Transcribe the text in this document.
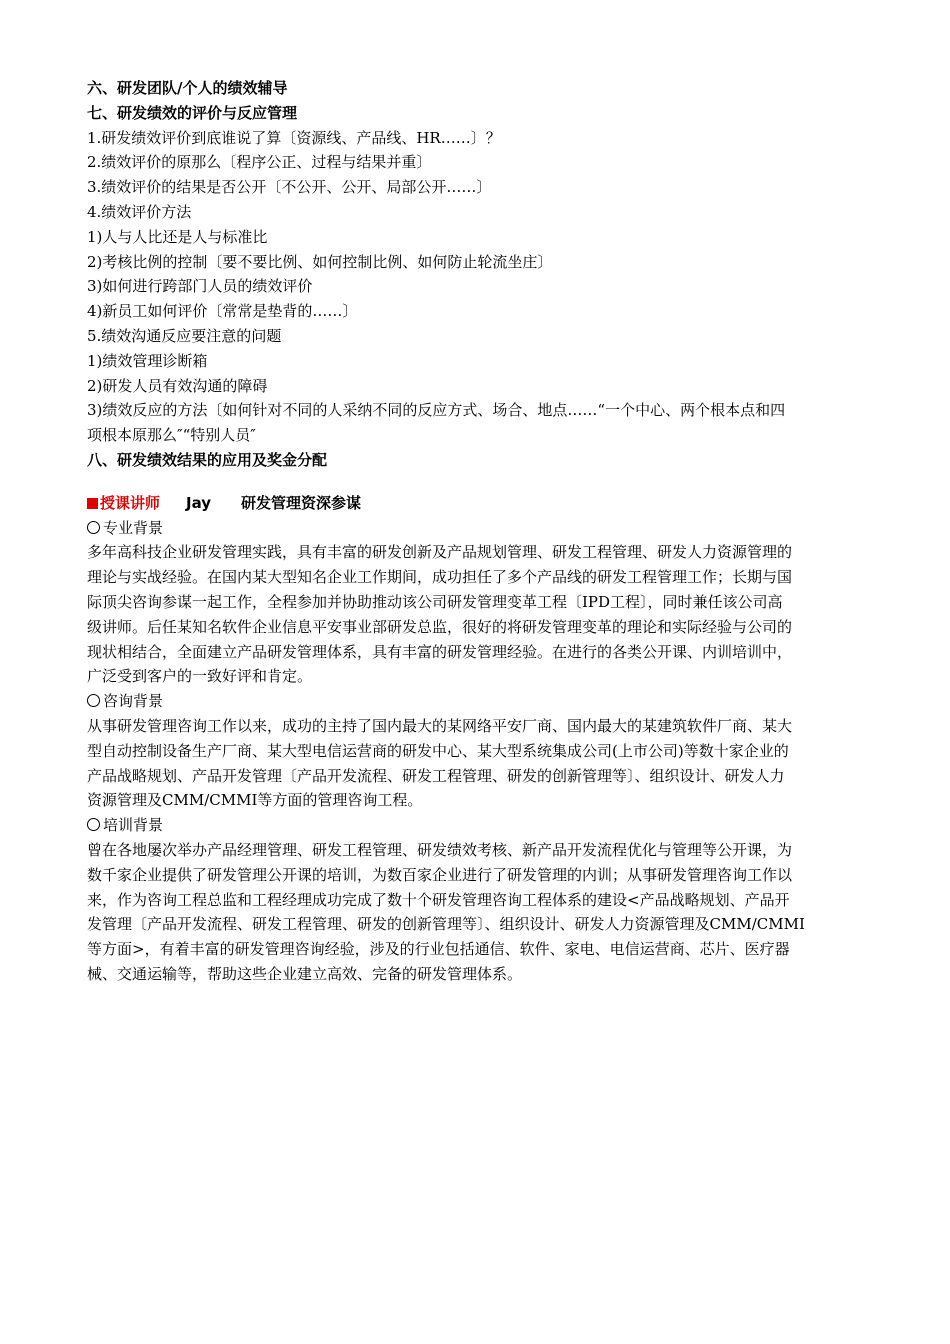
六、研发团队/个人的绩效辅导
七、研发绩效的评价与反应管理
1.研发绩效评价到底谁说了算〔资源线、产品线、HR……〕？
2.绩效评价的原那么〔程序公正、过程与结果并重〕
3.绩效评价的结果是否公开〔不公开、公开、局部公开……〕
4.绩效评价方法
1)人与人比还是人与标准比
2)考核比例的控制〔要不要比例、如何控制比例、如何防止轮流坐庄〕
3)如何进行跨部门人员的绩效评价
4)新员工如何评价〔常常是垫背的……〕
5.绩效沟通反应要注意的问题
1)绩效管理诊断箱
2)研发人员有效沟通的障碍
3)绩效反应的方法〔如何针对不同的人采纳不同的反应方式、场合、地点……“一个中心、两个根本点和四
项根本原那么″“特别人员″
八、研发绩效结果的应用及奖金分配
授课讲师 Jay 研发管理资深参谋
专业背景
多年高科技企业研发管理实践，具有丰富的研发创新及产品规划管理、研发工程管理、研发人力资源管理的
理论与实战经验。在国内某大型知名企业工作期间，成功担任了多个产品线的研发工程管理工作；长期与国
际顶尖咨询参谋一起工作，全程参加并协助推动该公司研发管理变革工程〔IPD工程〕，同时兼任该公司高
级讲师。后任某知名软件企业信息平安事业部研发总监，很好的将研发管理变革的理论和实际经验与公司的
现状相结合，全面建立产品研发管理体系，具有丰富的研发管理经验。在进行的各类公开课、内训培训中，
广泛受到客户的一致好评和肯定。
咨询背景
从事研发管理咨询工作以来，成功的主持了国内最大的某网络平安厂商、国内最大的某建筑软件厂商、某大
型自动控制设备生产厂商、某大型电信运营商的研发中心、某大型系统集成公司(上市公司)等数十家企业的
产品战略规划、产品开发管理〔产品开发流程、研发工程管理、研发的创新管理等〕、组织设计、研发人力
资源管理及CMM/CMMI等方面的管理咨询工程。
培训背景
曾在各地屡次举办产品经理管理、研发工程管理、研发绩效考核、新产品开发流程优化与管理等公开课，为
数千家企业提供了研发管理公开课的培训，为数百家企业进行了研发管理的内训；从事研发管理咨询工作以
来，作为咨询工程总监和工程经理成功完成了数十个研发管理咨询工程体系的建设<产品战略规划、产品开
发管理〔产品开发流程、研发工程管理、研发的创新管理等〕、组织设计、研发人力资源管理及CMM/CMMI
等方面>，有着丰富的研发管理咨询经验，涉及的行业包括通信、软件、家电、电信运营商、芯片、医疗器
械、交通运输等，帮助这些企业建立高效、完备的研发管理体系。
